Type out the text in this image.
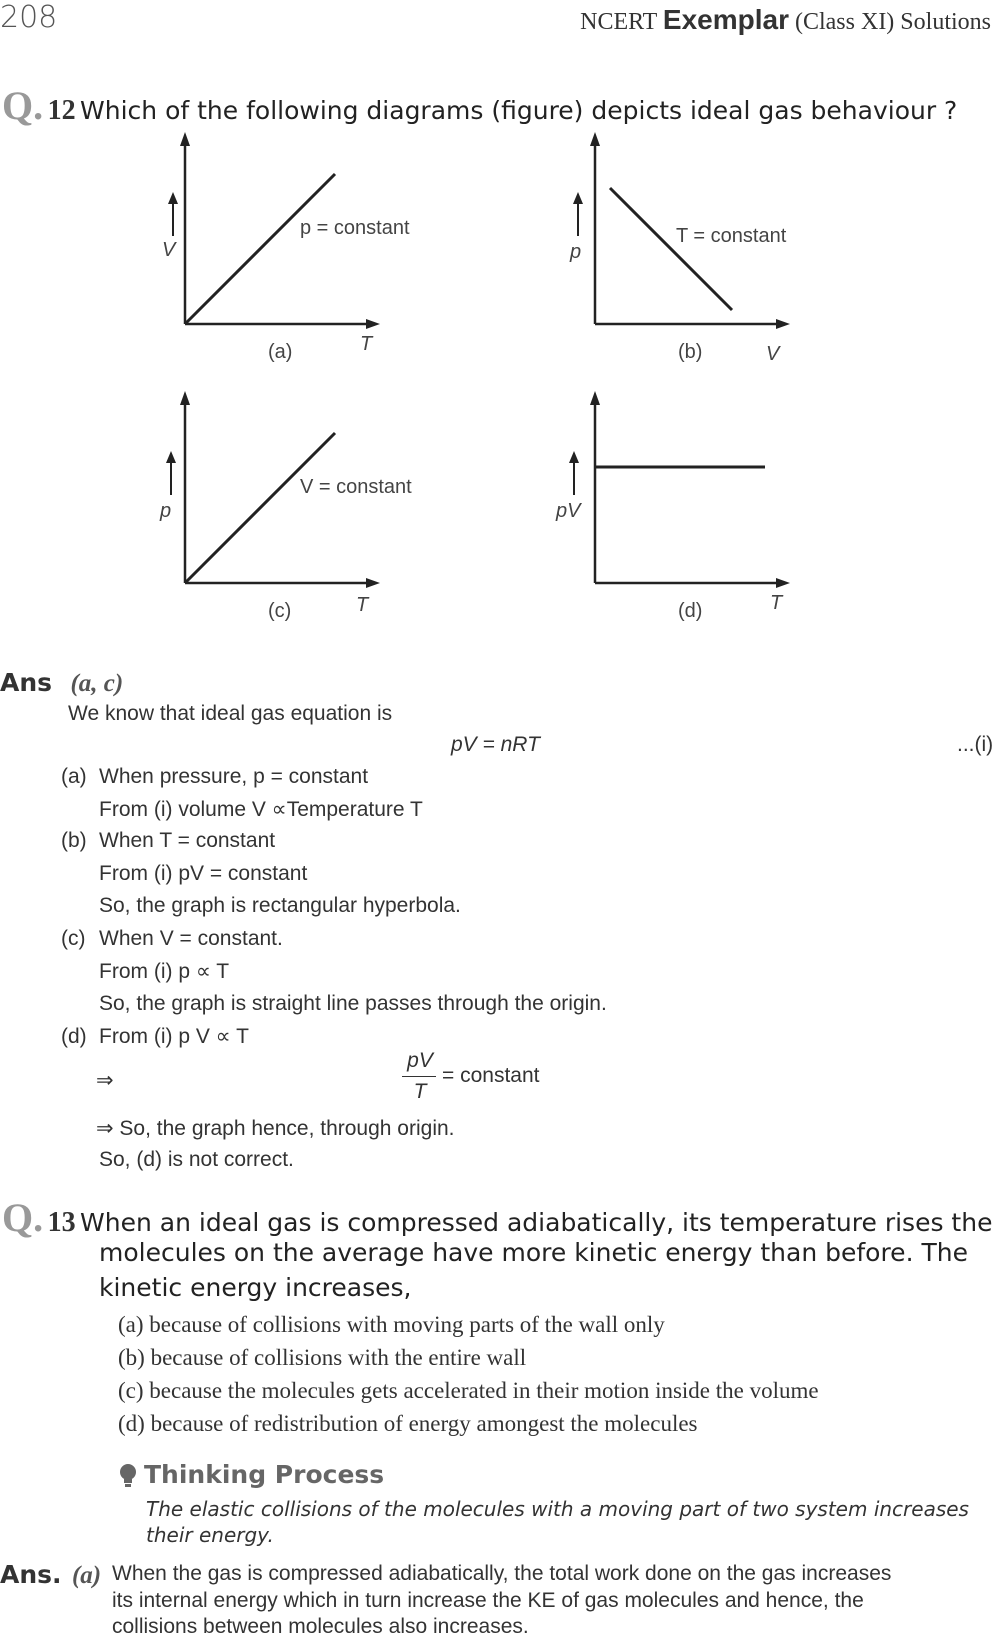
208	NCERT Exemplar (Class XI) Solutions
Q. 12 Which of the following diagrams (figure) depicts ideal gas behaviour ?
V
T
p = constant
(a)
p
V
T = constant
(b)
p
T
V = constant
(c)
pV
T
(d)
Ans (a, c)
We know that ideal gas equation is
pV = nRT	...(i)
(a) When pressure, p = constant
From (i) volume V ∝Temperature T
(b) When T = constant
From (i) pV = constant
So, the graph is rectangular hyperbola.
(c) When V = constant.
From (i) p ∝ T
So, the graph is straight line passes through the origin.
(d) From (i) p V ∝ T
⇒
pV
T
= constant
⇒ So, the graph hence, through origin.
So, (d) is not correct.
Q. 13 When an ideal gas is compressed adiabatically, its temperature rises the
molecules on the average have more kinetic energy than before. The
kinetic energy increases,
(a) because of collisions with moving parts of the wall only
(b) because of collisions with the entire wall
(c) because the molecules gets accelerated in their motion inside the volume
(d) because of redistribution of energy amongest the molecules
Thinking Process
The elastic collisions of the molecules with a moving part of two system increases
their energy.
Ans. (a) When the gas is compressed adiabatically, the total work done on the gas increases
its internal energy which in turn increase the KE of gas molecules and hence, the
collisions between molecules also increases.
